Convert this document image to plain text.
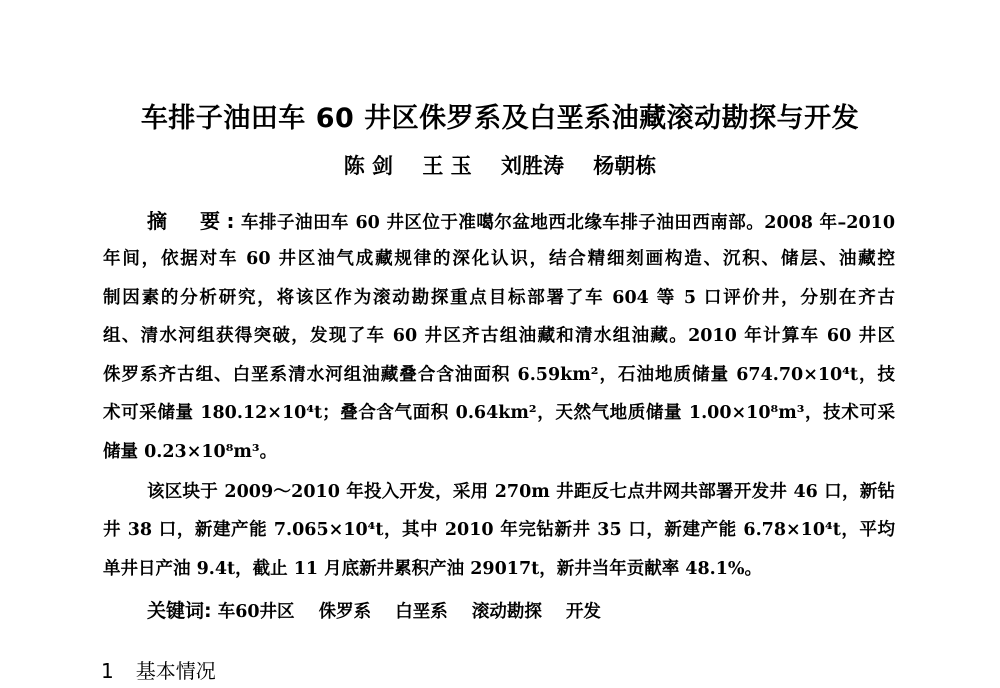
车排子油田车 60 井区侏罗系及白垩系油藏滚动勘探与开发
陈 剑 王 玉 刘胜涛 杨朝栋
摘　要:车排子油田车 60 井区位于准噶尔盆地西北缘车排子油田西南部。2008 年–2010
年间，依据对车 60 井区油气成藏规律的深化认识，结合精细刻画构造、沉积、储层、油藏控
制因素的分析研究，将该区作为滚动勘探重点目标部署了车 604 等 5 口评价井，分别在齐古
组、清水河组获得突破，发现了车 60 井区齐古组油藏和清水组油藏。2010 年计算车 60 井区
侏罗系齐古组、白垩系清水河组油藏叠合含油面积 6.59km²，石油地质储量 674.70×10⁴t，技
术可采储量 180.12×10⁴t；叠合含气面积 0.64km²，天然气地质储量 1.00×10⁸m³，技术可采
储量 0.23×10⁸m³。
该区块于 2009～2010 年投入开发，采用 270m 井距反七点井网共部署开发井 46 口，新钻
井 38 口，新建产能 7.065×10⁴t，其中 2010 年完钻新井 35 口，新建产能 6.78×10⁴t，平均
单井日产油 9.4t，截止 11 月底新井累积产油 29017t，新井当年贡献率 48.1%。
关键词: 车60井区 侏罗系 白垩系 滚动勘探 开发
1 基本情况
